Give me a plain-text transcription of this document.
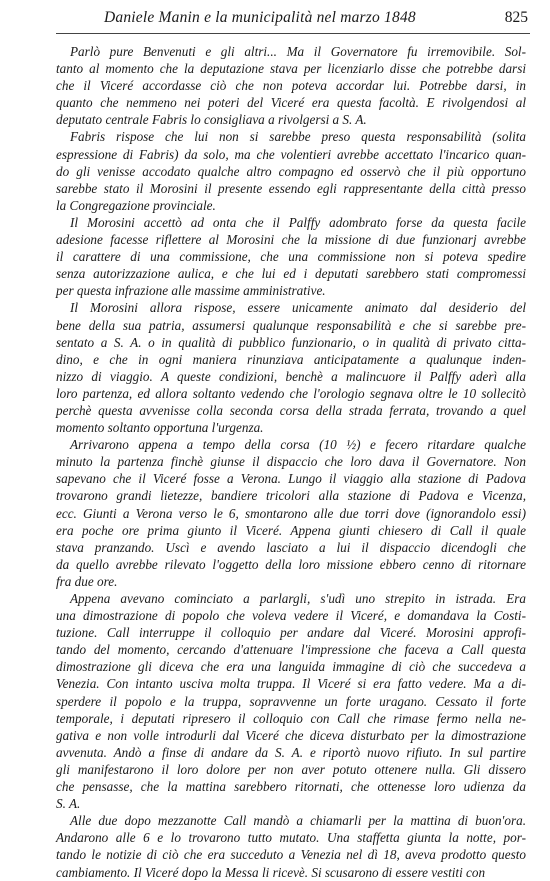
Daniele Manin e la municipalità nel marzo 1848	825
Parlò pure Benvenuti e gli altri... Ma il Governatore fu irremovibile. Sol-
tanto al momento che la deputazione stava per licenziarlo disse che potrebbe darsi
che il Viceré accordasse ciò che non poteva accordar lui. Potrebbe darsi, in
quanto che nemmeno nei poteri del Viceré era questa facoltà. E rivolgendosi al
deputato centrale Fabris lo consigliava a rivolgersi a S. A.
Fabris rispose che lui non si sarebbe preso questa responsabilità (solita
espressione di Fabris) da solo, ma che volentieri avrebbe accettato l'incarico quan-
do gli venisse accodato qualche altro compagno ed osservò che il più opportuno
sarebbe stato il Morosini il presente essendo egli rappresentante della città presso
la Congregazione provinciale.
Il Morosini accettò ad onta che il Palffy adombrato forse da questa facile
adesione facesse riflettere al Morosini che la missione di due funzionarj avrebbe
il carattere di una commissione, che una commissione non si poteva spedire
senza autorizzazione aulica, e che lui ed i deputati sarebbero stati compromessi
per questa infrazione alle massime amministrative.
Il Morosini allora rispose, essere unicamente animato dal desiderio del
bene della sua patria, assumersi qualunque responsabilità e che si sarebbe pre-
sentato a S. A. o in qualità di pubblico funzionario, o in qualità di privato citta-
dino, e che in ogni maniera rinunziava anticipatamente a qualunque inden-
nizzo di viaggio. A queste condizioni, benchè a malincuore il Palffy aderì alla
loro partenza, ed allora soltanto vedendo che l'orologio segnava oltre le 10 sollecitò
perchè questa avvenisse colla seconda corsa della strada ferrata, trovando a quel
momento soltanto opportuna l'urgenza.
Arrivarono appena a tempo della corsa (10 ½) e fecero ritardare qualche
minuto la partenza finchè giunse il dispaccio che loro dava il Governatore. Non
sapevano che il Viceré fosse a Verona. Lungo il viaggio alla stazione di Padova
trovarono grandi lietezze, bandiere tricolori alla stazione di Padova e Vicenza,
ecc. Giunti a Verona verso le 6, smontarono alle due torri dove (ignorandolo essi)
era poche ore prima giunto il Viceré. Appena giunti chiesero di Call il quale
stava pranzando. Uscì e avendo lasciato a lui il dispaccio dicendogli che
da quello avrebbe rilevato l'oggetto della loro missione ebbero cenno di ritornare
fra due ore.
Appena avevano cominciato a parlargli, s'udì uno strepito in istrada. Era
una dimostrazione di popolo che voleva vedere il Viceré, e domandava la Costi-
tuzione. Call interruppe il colloquio per andare dal Viceré. Morosini approfi-
tando del momento, cercando d'attenuare l'impressione che faceva a Call questa
dimostrazione gli diceva che era una languida immagine di ciò che succedeva a
Venezia. Con intanto usciva molta truppa. Il Viceré si era fatto vedere. Ma a di-
sperdere il popolo e la truppa, sopravvenne un forte uragano. Cessato il forte
temporale, i deputati ripresero il colloquio con Call che rimase fermo nella ne-
gativa e non volle introdurli dal Viceré che diceva disturbato per la dimostrazione
avvenuta. Andò a finse di andare da S. A. e riportò nuovo rifiuto. In sul partire
gli manifestarono il loro dolore per non aver potuto ottenere nulla. Gli dissero
che pensasse, che la mattina sarebbero ritornati, che ottenesse loro udienza da
S. A.
Alle due dopo mezzanotte Call mandò a chiamarli per la mattina di buon'ora.
Andarono alle 6 e lo trovarono tutto mutato. Una staffetta giunta la notte, por-
tando le notizie di ciò che era succeduto a Venezia nel dì 18, aveva prodotto questo
cambiamento. Il Viceré dopo la Messa li ricevè. Si scusarono di essere vestiti con
